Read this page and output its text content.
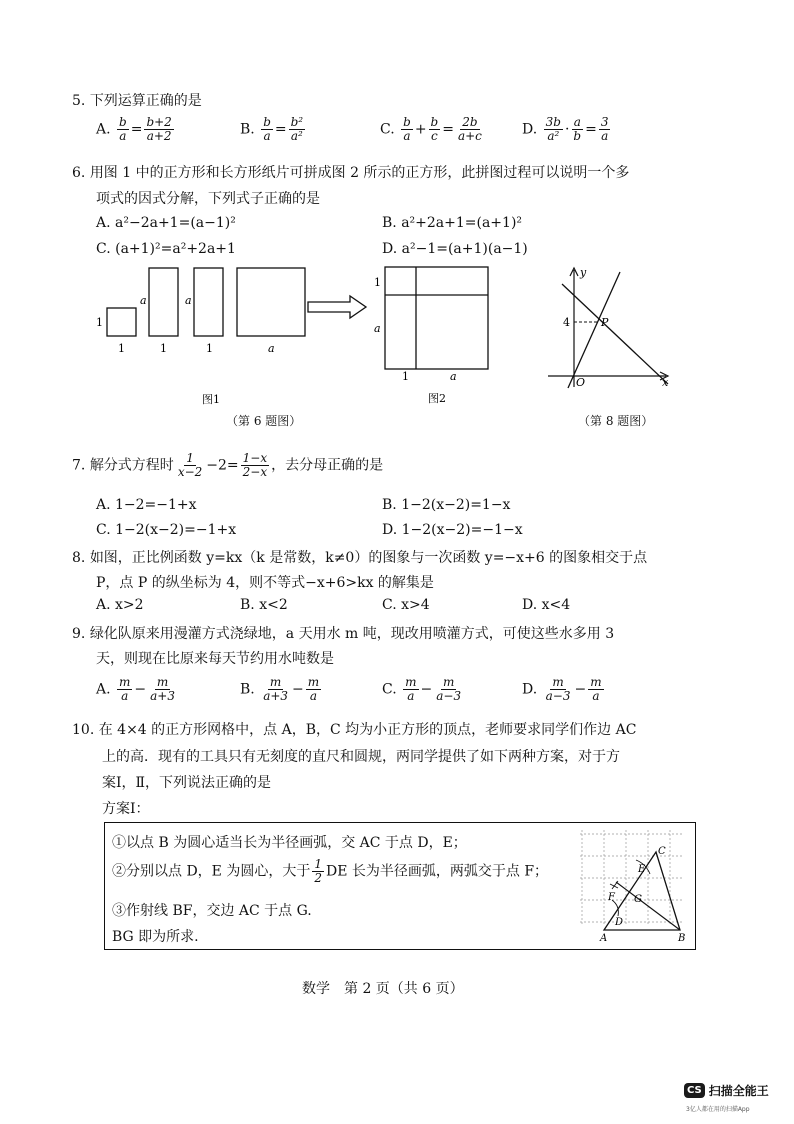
5. 下列运算正确的是
A. $\frac{b}{a} = \frac{b+2}{a+2}$	B. $\frac{b}{a} = \frac{\text{b²}}{\text{a²}}$	C. $\frac{b}{a} + \frac{b}{c} = \frac{2b}{a+c}$	D. $\frac{3b}{\text{a²}} \cdot \frac{a}{b} = \frac{3}{a}$
6. 用图 1 中的正方形和长方形纸片可拼成图 2 所示的正方形，此拼图过程可以说明一个多
项式的因式分解，下列式子正确的是
A. a²−2a+1=(a−1)²	B. a²+2a+1=(a+1)²
C. (a+1)²=a²+2a+1	D. a²−1=(a+1)(a−1)
1
1
a
1
a
1	a
图1
1
a
1	a
图2
（第 6 题图）
y
x
O
4	P
（第 8 题图）
7. 解分式方程时 $\frac{1}{x-2} -2= \frac{1-x}{2-x}$ ，去分母正确的是
A. 1−2=−1+x	B. 1−2(x−2)=1−x
C. 1−2(x−2)=−1+x	D. 1−2(x−2)=−1−x
8. 如图，正比例函数 y=kx（k 是常数，k≠0）的图象与一次函数 y=−x+6 的图象相交于点
P，点 P 的纵坐标为 4，则不等式−x+6>kx 的解集是
A. x>2	B. x<2	C. x>4	D. x<4
9. 绿化队原来用漫灌方式浇绿地，a 天用水 m 吨，现改用喷灌方式，可使这些水多用 3
天，则现在比原来每天节约用水吨数是
A. $\frac{m}{a} - \frac{m}{a+3}$	B. $\frac{m}{a+3} - \frac{m}{a}$	C. $\frac{m}{a} - \frac{m}{a-3}$	D. $\frac{m}{a-3} - \frac{m}{a}$
10. 在 4×4 的正方形网格中，点 A，B，C 均为小正方形的顶点，老师要求同学们作边 AC
上的高．现有的工具只有无刻度的直尺和圆规，两同学提供了如下两种方案，对于方
案Ⅰ，Ⅱ，下列说法正确的是
方案Ⅰ：
①以点 B 为圆心适当长为半径画弧，交 AC 于点 D，E；
②分别以点 D，E 为圆心，大于 $\frac{1}{2}$ DE 长为半径画弧，两弧交于点 F；
③作射线 BF，交边 AC 于点 G.
BG 即为所求.	A	B
C
D
E
F G
数学　第 2 页（共 6 页）
CS 扫描全能王
3亿人都在用的扫描App
